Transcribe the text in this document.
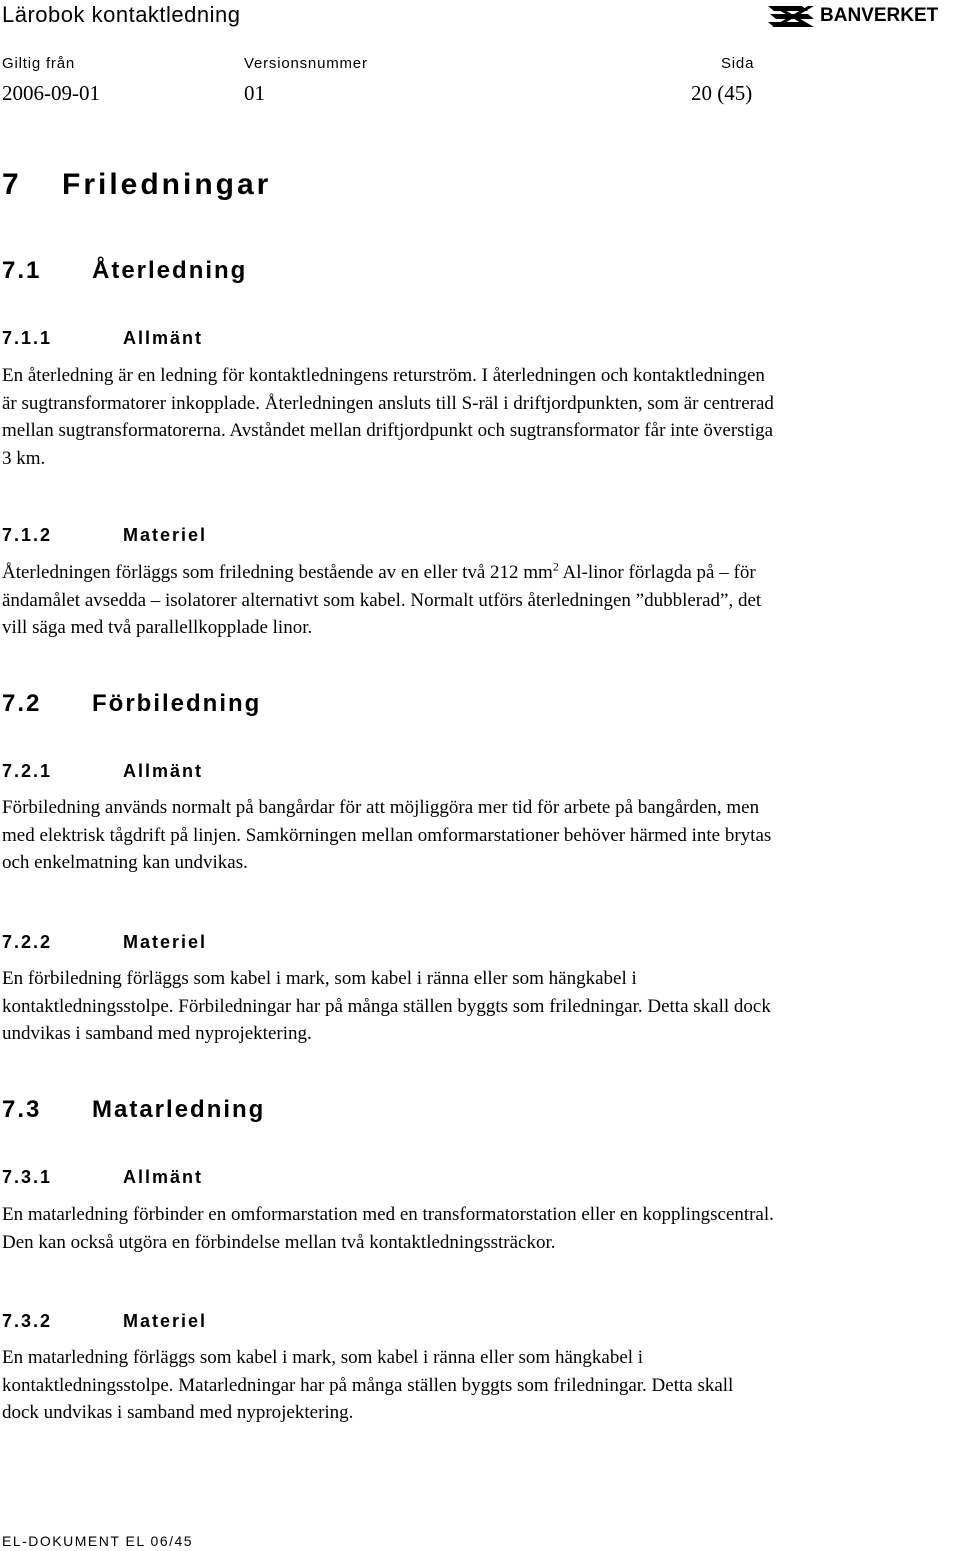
Lärobok kontaktledning	BANVERKET
Giltig från	Versionsnummer	Sida
2006-09-01	01	20 (45)
7 Friledningar
7.1 Återledning
7.1.1	Allmänt
En återledning är en ledning för kontaktledningens returström. I återledningen och kontaktledningen
är sugtransformatorer inkopplade. Återledningen ansluts till S-räl i driftjordpunkten, som är centrerad
mellan sugtransformatorerna. Avståndet mellan driftjordpunkt och sugtransformator får inte överstiga
3 km.
7.1.2	Materiel
Återledningen förläggs som friledning bestående av en eller två 212 $mm^2$ Al-linor förlagda på – för
ändamålet avsedda – isolatorer alternativt som kabel. Normalt utförs återledningen ”dubblerad”, det
vill säga med två parallellkopplade linor.
7.2 Förbiledning
7.2.1	Allmänt
Förbiledning används normalt på bangårdar för att möjliggöra mer tid för arbete på bangården, men
med elektrisk tågdrift på linjen. Samkörningen mellan omformarstationer behöver härmed inte brytas
och enkelmatning kan undvikas.
7.2.2	Materiel
En förbiledning förläggs som kabel i mark, som kabel i ränna eller som hängkabel i
kontaktledningsstolpe. Förbiledningar har på många ställen byggts som friledningar. Detta skall dock
undvikas i samband med nyprojektering.
7.3 Matarledning
7.3.1	Allmänt
En matarledning förbinder en omformarstation med en transformatorstation eller en kopplingscentral.
Den kan också utgöra en förbindelse mellan två kontaktledningssträckor.
7.3.2	Materiel
En matarledning förläggs som kabel i mark, som kabel i ränna eller som hängkabel i
kontaktledningsstolpe. Matarledningar har på många ställen byggts som friledningar. Detta skall
dock undvikas i samband med nyprojektering.
EL-DOKUMENT EL 06/45
